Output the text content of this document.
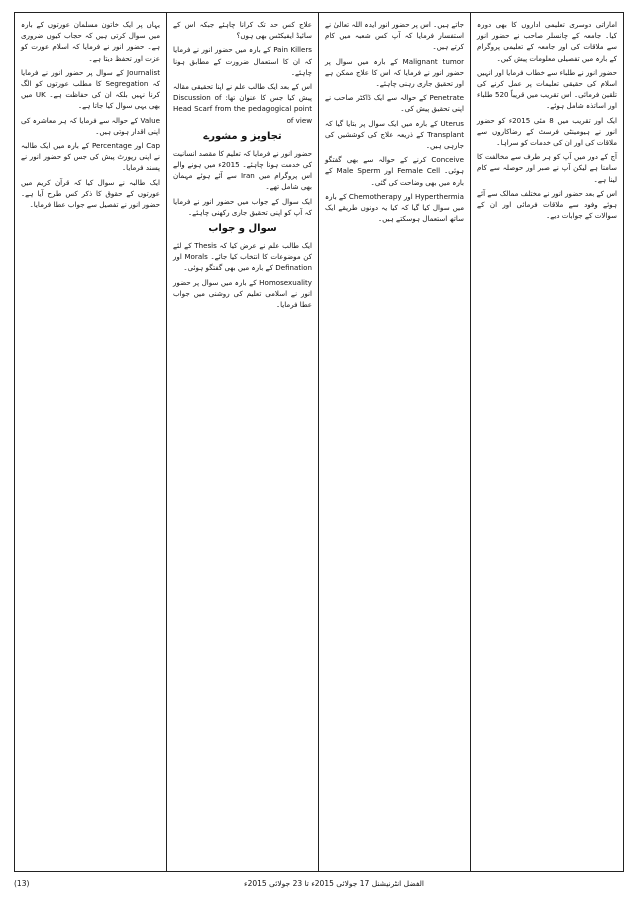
اماراتی دوسری تعلیمی اداروں کا بھی دورہ کیا۔ جامعہ کے چانسلر صاحب نے حضور انور سے ملاقات کی اور جامعہ کے تعلیمی پروگرام کے بارہ میں تفصیلی معلومات پیش کیں۔

حضور انور نے طلباء سے خطاب فرمایا اور انہیں اسلام کی حقیقی تعلیمات پر عمل کرنے کی تلقین فرمائی۔ اس تقریب میں قریباً 520 طلباء اور اساتذہ شامل ہوئے۔

ایک اور تقریب میں 8 مئی 2015ء کو حضور انور نے ہیومینٹی فرسٹ کے رضاکاروں سے ملاقات کی اور ان کی خدمات کو سراہا۔

آج کے دور میں آپ کو ہر طرف سے مخالفت کا سامنا ہے لیکن آپ نے صبر اور حوصلہ سے کام لینا ہے۔

اس کے بعد حضور انور نے مختلف ممالک سے آئے ہوئے وفود سے ملاقات فرمائی اور ان کے سوالات کے جوابات دیے۔

جاتے ہیں۔ اس پر حضور انور ایدہ اللہ تعالیٰ نے استفسار فرمایا کہ آپ کس شعبہ میں کام کرتے ہیں۔

Malignant tumor کے بارہ میں سوال پر حضور انور نے فرمایا کہ اس کا علاج ممکن ہے اور تحقیق جاری رہنی چاہئے۔

Penetrate کے حوالہ سے ایک ڈاکٹر صاحب نے اپنی تحقیق پیش کی۔

Uterus کے بارہ میں ایک سوال پر بتایا گیا کہ Transplant کے ذریعہ علاج کی کوششیں کی جارہی ہیں۔

Conceive کرنے کے حوالہ سے بھی گفتگو ہوئی۔ Female Cell اور Male Sperm کے بارہ میں بھی وضاحت کی گئی۔

Hyperthermia اور Chemotherapy کے بارہ میں سوال کیا گیا کہ کیا یہ دونوں طریقے ایک ساتھ استعمال ہوسکتے ہیں۔

علاج کس حد تک کرانا چاہئے جبکہ اس کے سائیڈ ایفیکٹس بھی ہوں؟

Pain Killers کے بارہ میں حضور انور نے فرمایا کہ ان کا استعمال ضرورت کے مطابق ہونا چاہئے۔

اس کے بعد ایک طالب علم نے اپنا تحقیقی مقالہ پیش کیا جس کا عنوان تھا: Discussion of Head Scarf from the pedagogical point of view

تجاویز و مشورے

حضور انور نے فرمایا کہ تعلیم کا مقصد انسانیت کی خدمت ہونا چاہئے۔ 2015ء میں ہونے والے اس پروگرام میں Iran سے آئے ہوئے مہمان بھی شامل تھے۔

ایک سوال کے جواب میں حضور انور نے فرمایا کہ آپ کو اپنی تحقیق جاری رکھنی چاہئے۔

سوال و جواب

ایک طالب علم نے عرض کیا کہ Thesis کے لئے کن موضوعات کا انتخاب کیا جائے۔ Morals اور Defination کے بارہ میں بھی گفتگو ہوئی۔

Homosexuality کے بارہ میں سوال پر حضور انور نے اسلامی تعلیم کی روشنی میں جواب عطا فرمایا۔

یہاں پر ایک خاتون مسلمان عورتوں کے بارہ میں سوال کرتی ہیں کہ حجاب کیوں ضروری ہے۔ حضور انور نے فرمایا کہ اسلام عورت کو عزت اور تحفظ دیتا ہے۔

Journalist کے سوال پر حضور انور نے فرمایا کہ Segregation کا مطلب عورتوں کو الگ کرنا نہیں بلکہ ان کی حفاظت ہے۔ UK میں بھی یہی سوال کیا جاتا ہے۔

Value کے حوالہ سے فرمایا کہ ہر معاشرہ کی اپنی اقدار ہوتی ہیں۔

Cap اور Percentage کے بارہ میں ایک طالبہ نے اپنی رپورٹ پیش کی جس کو حضور انور نے پسند فرمایا۔

ایک طالبہ نے سوال کیا کہ قرآن کریم میں عورتوں کے حقوق کا ذکر کس طرح آیا ہے۔ حضور انور نے تفصیل سے جواب عطا فرمایا۔

الفضل انٹرنیشنل 17 جولائی 2015ء تا 23 جولائی 2015ء
(13)
